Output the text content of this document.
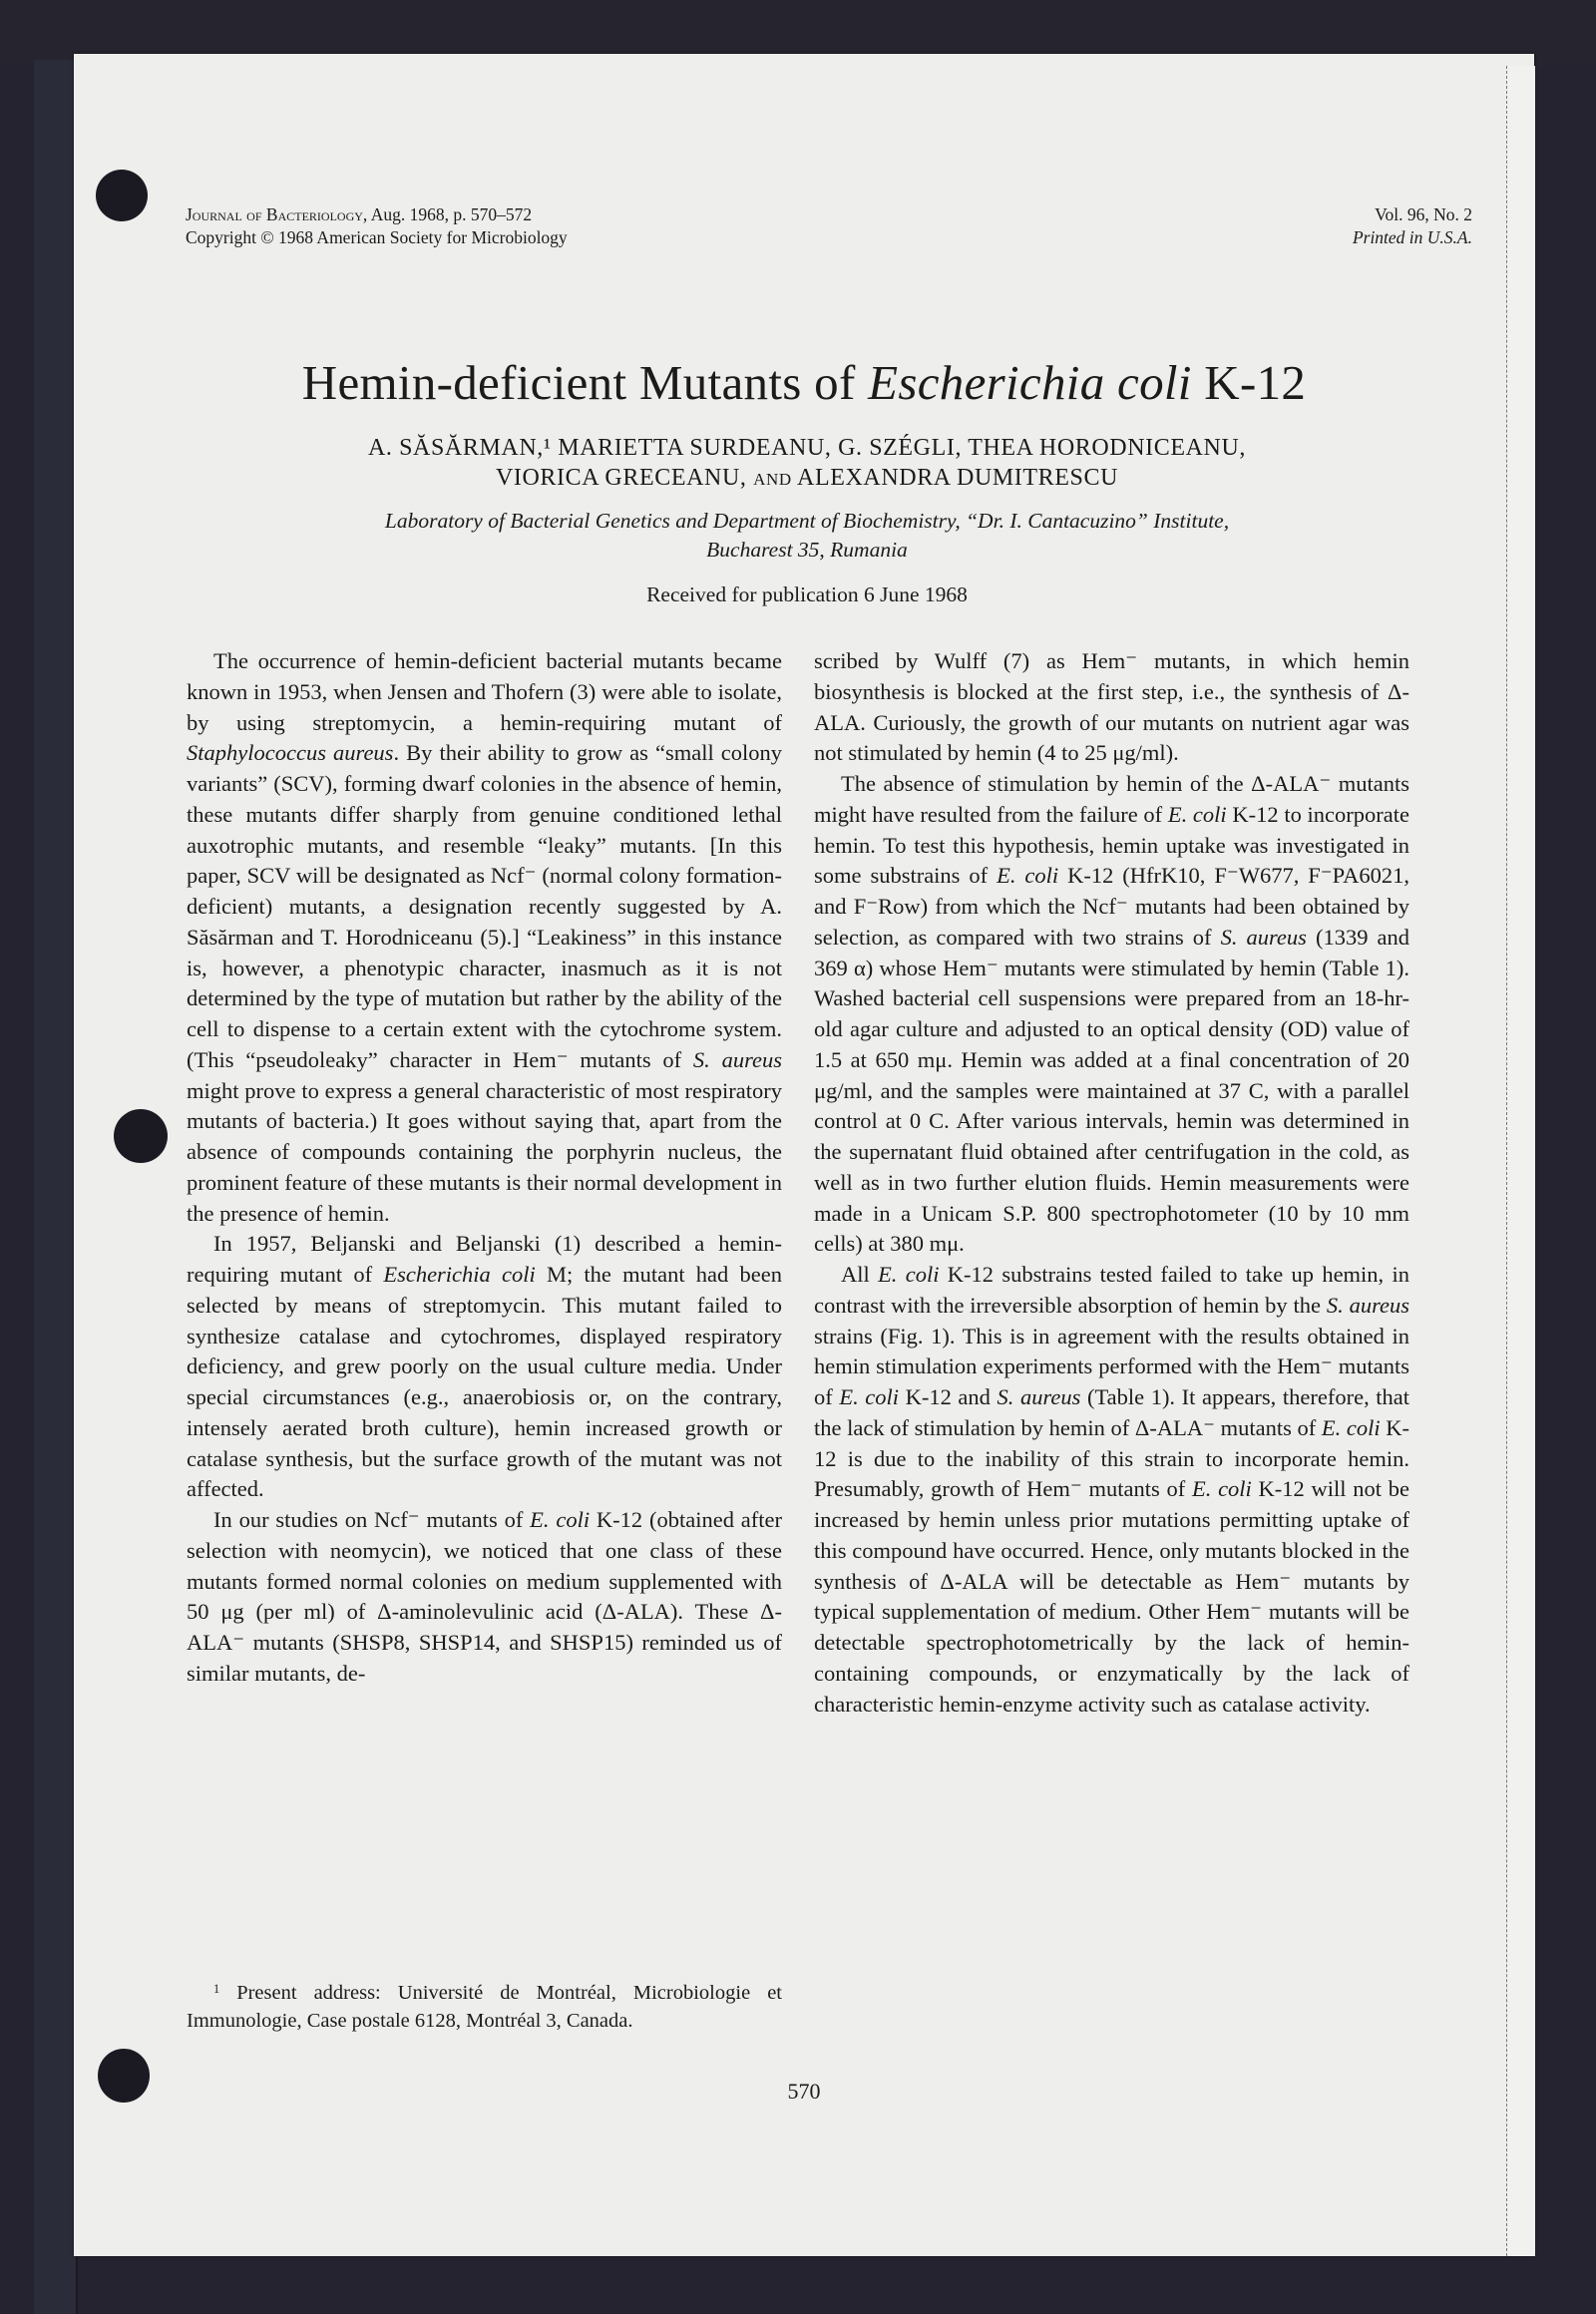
Journal of Bacteriology, Aug. 1968, p. 570–572
Copyright © 1968 American Society for Microbiology
Vol. 96, No. 2
Printed in U.S.A.
Hemin-deficient Mutants of Escherichia coli K-12
A. SĂSĂRMAN,¹ MARIETTA SURDEANU, G. SZÉGLI, THEA HORODNICEANU,
VIORICA GRECEANU, and ALEXANDRA DUMITRESCU
Laboratory of Bacterial Genetics and Department of Biochemistry, “Dr. I. Cantacuzino” Institute,
Bucharest 35, Rumania
Received for publication 6 June 1968

The occurrence of hemin-deficient bacterial mutants became known in 1953, when Jensen and Thofern (3) were able to isolate, by using streptomycin, a hemin-requiring mutant of Staphylococcus aureus. By their ability to grow as “small colony variants” (SCV), forming dwarf colonies in the absence of hemin, these mutants differ sharply from genuine conditioned lethal auxotrophic mutants, and resemble “leaky” mutants. [In this paper, SCV will be designated as Ncf⁻ (normal colony formation-deficient) mutants, a designation recently suggested by A. Săsărman and T. Horodniceanu (5).] “Leakiness” in this instance is, however, a phenotypic character, inasmuch as it is not determined by the type of mutation but rather by the ability of the cell to dispense to a certain extent with the cytochrome system. (This “pseudoleaky” character in Hem⁻ mutants of S. aureus might prove to express a general characteristic of most respiratory mutants of bacteria.) It goes without saying that, apart from the absence of compounds containing the porphyrin nucleus, the prominent feature of these mutants is their normal development in the presence of hemin.

In 1957, Beljanski and Beljanski (1) described a hemin-requiring mutant of Escherichia coli M; the mutant had been selected by means of streptomycin. This mutant failed to synthesize catalase and cytochromes, displayed respiratory deficiency, and grew poorly on the usual culture media. Under special circumstances (e.g., anaerobiosis or, on the contrary, intensely aerated broth culture), hemin increased growth or catalase synthesis, but the surface growth of the mutant was not affected.

In our studies on Ncf⁻ mutants of E. coli K-12 (obtained after selection with neomycin), we noticed that one class of these mutants formed normal colonies on medium supplemented with 50 μg (per ml) of Δ-aminolevulinic acid (Δ-ALA). These Δ-ALA⁻ mutants (SHSP8, SHSP14, and SHSP15) reminded us of similar mutants, de-

$^1$ Present address: Université de Montréal, Microbiologie et Immunologie, Case postale 6128, Montréal 3, Canada.

scribed by Wulff (7) as Hem⁻ mutants, in which hemin biosynthesis is blocked at the first step, i.e., the synthesis of Δ-ALA. Curiously, the growth of our mutants on nutrient agar was not stimulated by hemin (4 to 25 μg/ml).

The absence of stimulation by hemin of the Δ-ALA⁻ mutants might have resulted from the failure of E. coli K-12 to incorporate hemin. To test this hypothesis, hemin uptake was investigated in some substrains of E. coli K-12 (HfrK10, F⁻W677, F⁻PA6021, and F⁻Row) from which the Ncf⁻ mutants had been obtained by selection, as compared with two strains of S. aureus (1339 and 369 α) whose Hem⁻ mutants were stimulated by hemin (Table 1). Washed bacterial cell suspensions were prepared from an 18-hr-old agar culture and adjusted to an optical density (OD) value of 1.5 at 650 mμ. Hemin was added at a final concentration of 20 μg/ml, and the samples were maintained at 37 C, with a parallel control at 0 C. After various intervals, hemin was determined in the supernatant fluid obtained after centrifugation in the cold, as well as in two further elution fluids. Hemin measurements were made in a Unicam S.P. 800 spectrophotometer (10 by 10 mm cells) at 380 mμ.

All E. coli K-12 substrains tested failed to take up hemin, in contrast with the irreversible absorption of hemin by the S. aureus strains (Fig. 1). This is in agreement with the results obtained in hemin stimulation experiments performed with the Hem⁻ mutants of E. coli K-12 and S. aureus (Table 1). It appears, therefore, that the lack of stimulation by hemin of Δ-ALA⁻ mutants of E. coli K-12 is due to the inability of this strain to incorporate hemin. Presumably, growth of Hem⁻ mutants of E. coli K-12 will not be increased by hemin unless prior mutations permitting uptake of this compound have occurred. Hence, only mutants blocked in the synthesis of Δ-ALA will be detectable as Hem⁻ mutants by typical supplementation of medium. Other Hem⁻ mutants will be detectable spectrophotometrically by the lack of hemin-containing compounds, or enzymatically by the lack of characteristic hemin-enzyme activity such as catalase activity.

570
